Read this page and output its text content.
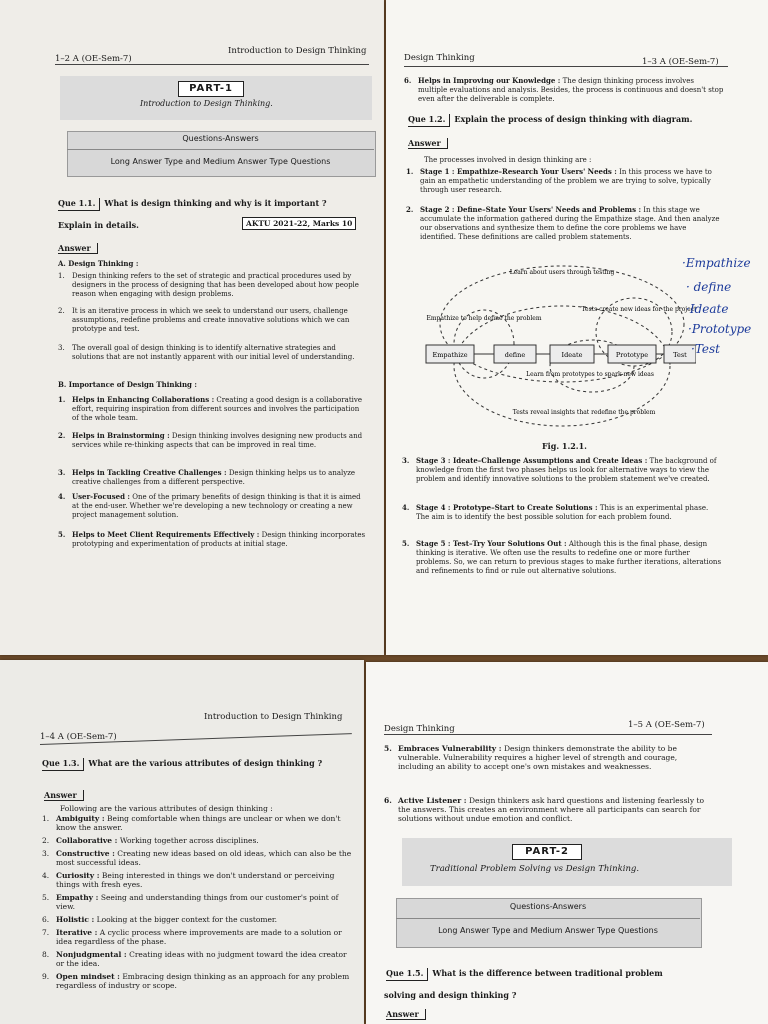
1–2 A (OE-Sem-7)
Introduction to Design Thinking
PART-1
Introduction to Design Thinking.
Questions-Answers
Long Answer Type and Medium Answer Type Questions
Que 1.1. What is design thinking and why is it important ?
Explain in details.	AKTU 2021-22, Marks 10
Answer
A. Design Thinking :
1. Design thinking refers to the set of strategic and practical procedures used by designers in the process of designing that has been developed about how people reason when engaging with design problems.
2. It is an iterative process in which we seek to understand our users, challenge assumptions, redefine problems and create innovative solutions which we can prototype and test.
3. The overall goal of design thinking is to identify alternative strategies and solutions that are not instantly apparent with our initial level of understanding.
B. Importance of Design Thinking :
1. Helps in Enhancing Collaborations : Creating a good design is a collaborative effort, requiring inspiration from different sources and involves the participation of the whole team.
2. Helps in Brainstorming : Design thinking involves designing new products and services while re-thinking aspects that can be improved in real time.
3. Helps in Tackling Creative Challenges : Design thinking helps us to analyze creative challenges from a different perspective.
4. User-Focused : One of the primary benefits of design thinking is that it is aimed at the end-user. Whether we're developing a new technology or creating a new project management solution.
5. Helps to Meet Client Requirements Effectively : Design thinking incorporates prototyping and experimentation of products at initial stage.
Design Thinking	1–3 A (OE-Sem-7)
6. Helps in Improving our Knowledge : The design thinking process involves multiple evaluations and analysis. Besides, the process is continuous and doesn't stop even after the deliverable is complete.
Que 1.2. Explain the process of design thinking with diagram.
Answer
The processes involved in design thinking are :
1. Stage 1 : Empathize–Research Your Users' Needs : In this process we have to gain an empathetic understanding of the problem we are trying to solve, typically through user research.
2. Stage 2 : Define–State Your Users' Needs and Problems : In this stage we accumulate the information gathered during the Empathize stage. And then analyze our observations and synthesize them to define the core problems we have identified. These definitions are called problem statements.
Empathize	define	Ideate	Prototype	Test
Learn about users through testing
Empathize to help define the problem
Tests create new ideas for the project
Learn from prototypes to spark new ideas
Tests reveal insights that redefine the problem
·Empathize
· define
·Ideate
·Prototype
·Test
Fig. 1.2.1.
3. Stage 3 : Ideate–Challenge Assumptions and Create Ideas : The background of knowledge from the first two phases helps us look for alternative ways to view the problem and identify innovative solutions to the problem statement we've created.
4. Stage 4 : Prototype–Start to Create Solutions : This is an experimental phase. The aim is to identify the best possible solution for each problem found.
5. Stage 5 : Test–Try Your Solutions Out : Although this is the final phase, design thinking is iterative. We often use the results to redefine one or more further problems. So, we can return to previous stages to make further iterations, alterations and refinements to find or rule out alternative solutions.
1–4 A (OE-Sem-7)
Introduction to Design Thinking
Que 1.3. What are the various attributes of design thinking ?
Answer
Following are the various attributes of design thinking :
1. Ambiguity : Being comfortable when things are unclear or when we don't know the answer.
2. Collaborative : Working together across disciplines.
3. Constructive : Creating new ideas based on old ideas, which can also be the most successful ideas.
4. Curiosity : Being interested in things we don't understand or perceiving things with fresh eyes.
5. Empathy : Seeing and understanding things from our customer's point of view.
6. Holistic : Looking at the bigger context for the customer.
7. Iterative : A cyclic process where improvements are made to a solution or idea regardless of the phase.
8. Nonjudgmental : Creating ideas with no judgment toward the idea creator or the idea.
9. Open mindset : Embracing design thinking as an approach for any problem regardless of industry or scope.
Design Thinking	1–5 A (OE-Sem-7)
5. Embraces Vulnerability : Design thinkers demonstrate the ability to be vulnerable. Vulnerability requires a higher level of strength and courage, including an ability to accept one's own mistakes and weaknesses.
6. Active Listener : Design thinkers ask hard questions and listening fearlessly to the answers. This creates an environment where all participants can search for solutions without undue emotion and conflict.
PART-2
Traditional Problem Solving vs Design Thinking.
Questions-Answers
Long Answer Type and Medium Answer Type Questions
Que 1.5. What is the difference between traditional problem
solving and design thinking ?
Answer
